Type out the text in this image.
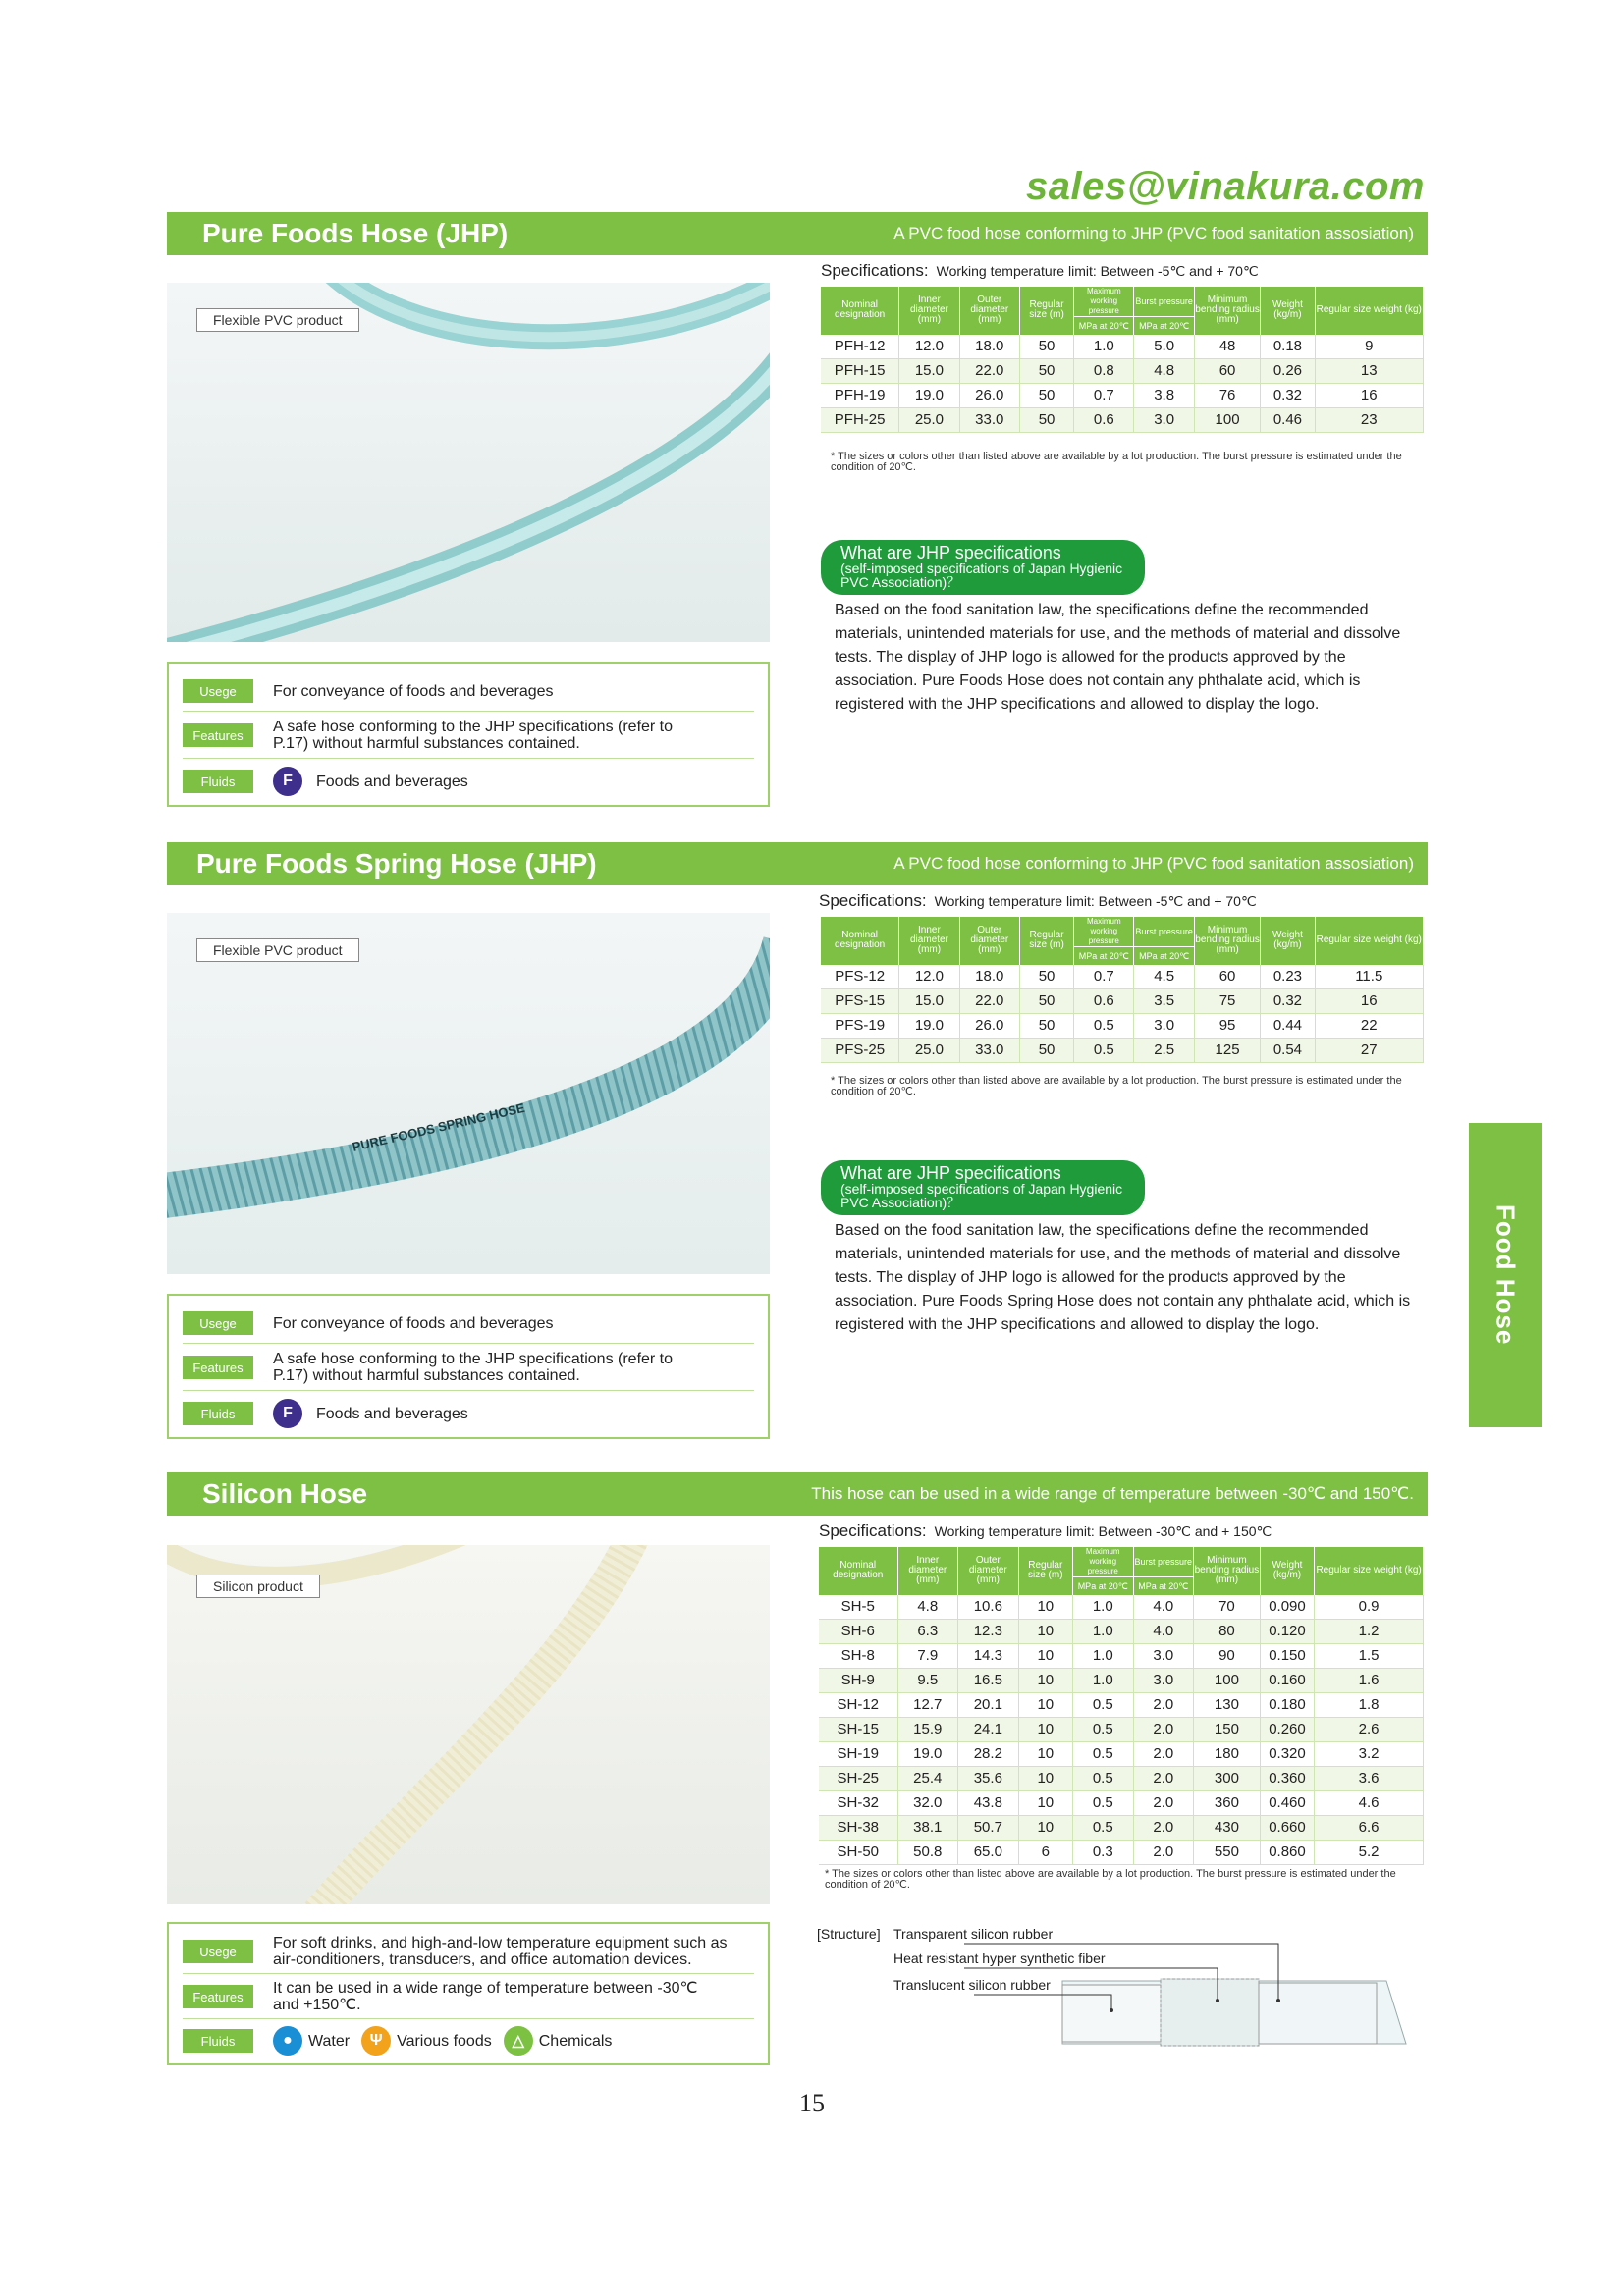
sales@vinakura.com
Pure Foods Hose (JHP)	A PVC food hose conforming to JHP (PVC food sanitation assosiation)
Flexible PVC product
Usege	For conveyance of foods and beverages
Features	A safe hose conforming to the JHP specifications (refer to P.17) without harmful substances contained.
Fluids	F	Foods and beverages
Specifications: Working temperature limit: Between -5℃ and + 70℃
Nominal designation	Inner diameter (mm)	Outer diameter (mm)	Regular size (m)	Maximum working pressure	Burst pressure	Minimum bending radius (mm)	Weight (kg/m)	Regular size weight (kg)
				MPa at 20℃	MPa at 20℃			
PFH-12	12.0	18.0	50	1.0	5.0	48	0.18	9
PFH-15	15.0	22.0	50	0.8	4.8	60	0.26	13
PFH-19	19.0	26.0	50	0.7	3.8	76	0.32	16
PFH-25	25.0	33.0	50	0.6	3.0	100	0.46	23
* The sizes or colors other than listed above are available by a lot production. The burst pressure is estimated under the condition of 20℃.
What are JHP specifications
(self-imposed specifications of Japan Hygienic PVC Association)？
Based on the food sanitation law, the specifications define the recommended materials, unintended materials for use, and the methods of material and dissolve tests. The display of JHP logo is allowed for the products approved by the association. Pure Foods Hose does not contain any phthalate acid, which is registered with the JHP specifications and allowed to display the logo.
Pure Foods Spring Hose (JHP)	A PVC food hose conforming to JHP (PVC food sanitation assosiation)
PURE FOODS SPRING HOSE
Flexible PVC product
Usege	For conveyance of foods and beverages
Features	A safe hose conforming to the JHP specifications (refer to P.17) without harmful substances contained.
Fluids	F	Foods and beverages
Specifications: Working temperature limit: Between -5℃ and + 70℃
Nominal designation	Inner diameter (mm)	Outer diameter (mm)	Regular size (m)	Maximum working pressure	Burst pressure	Minimum bending radius (mm)	Weight (kg/m)	Regular size weight (kg)
				MPa at 20℃	MPa at 20℃			
PFS-12	12.0	18.0	50	0.7	4.5	60	0.23	11.5
PFS-15	15.0	22.0	50	0.6	3.5	75	0.32	16
PFS-19	19.0	26.0	50	0.5	3.0	95	0.44	22
PFS-25	25.0	33.0	50	0.5	2.5	125	0.54	27
* The sizes or colors other than listed above are available by a lot production. The burst pressure is estimated under the condition of 20℃.
What are JHP specifications
(self-imposed specifications of Japan Hygienic PVC Association)？
Based on the food sanitation law, the specifications define the recommended materials, unintended materials for use, and the methods of material and dissolve tests. The display of JHP logo is allowed for the products approved by the association. Pure Foods Spring Hose does not contain any phthalate acid, which is registered with the JHP specifications and allowed to display the logo.
Silicon Hose	This hose can be used in a wide range of temperature between -30℃ and 150℃.
Silicon product
Usege	For soft drinks, and high-and-low temperature equipment such as air-conditioners, transducers, and office automation devices.
Features	It can be used in a wide range of temperature between -30℃ and +150℃.
Fluids	●	Water	Ψ Various foods	△ Chemicals
Specifications: Working temperature limit: Between -30℃ and + 150℃
Nominal designation	Inner diameter (mm)	Outer diameter (mm)	Regular size (m)	Maximum working pressure	Burst pressure	Minimum bending radius (mm)	Weight (kg/m)	Regular size weight (kg)
				MPa at 20℃	MPa at 20℃			
SH-5	4.8	10.6	10	1.0	4.0	70	0.090	0.9
SH-6	6.3	12.3	10	1.0	4.0	80	0.120	1.2
SH-8	7.9	14.3	10	1.0	3.0	90	0.150	1.5
SH-9	9.5	16.5	10	1.0	3.0	100	0.160	1.6
SH-12	12.7	20.1	10	0.5	2.0	130	0.180	1.8
SH-15	15.9	24.1	10	0.5	2.0	150	0.260	2.6
SH-19	19.0	28.2	10	0.5	2.0	180	0.320	3.2
SH-25	25.4	35.6	10	0.5	2.0	300	0.360	3.6
SH-32	32.0	43.8	10	0.5	2.0	360	0.460	4.6
SH-38	38.1	50.7	10	0.5	2.0	430	0.660	6.6
SH-50	50.8	65.0	6	0.3	2.0	550	0.860	5.2
* The sizes or colors other than listed above are available by a lot production. The burst pressure is estimated under the condition of 20℃.
[Structure] Transparent silicon rubber
Heat resistant hyper synthetic fiber
Translucent silicon rubber
Food Hose
15
